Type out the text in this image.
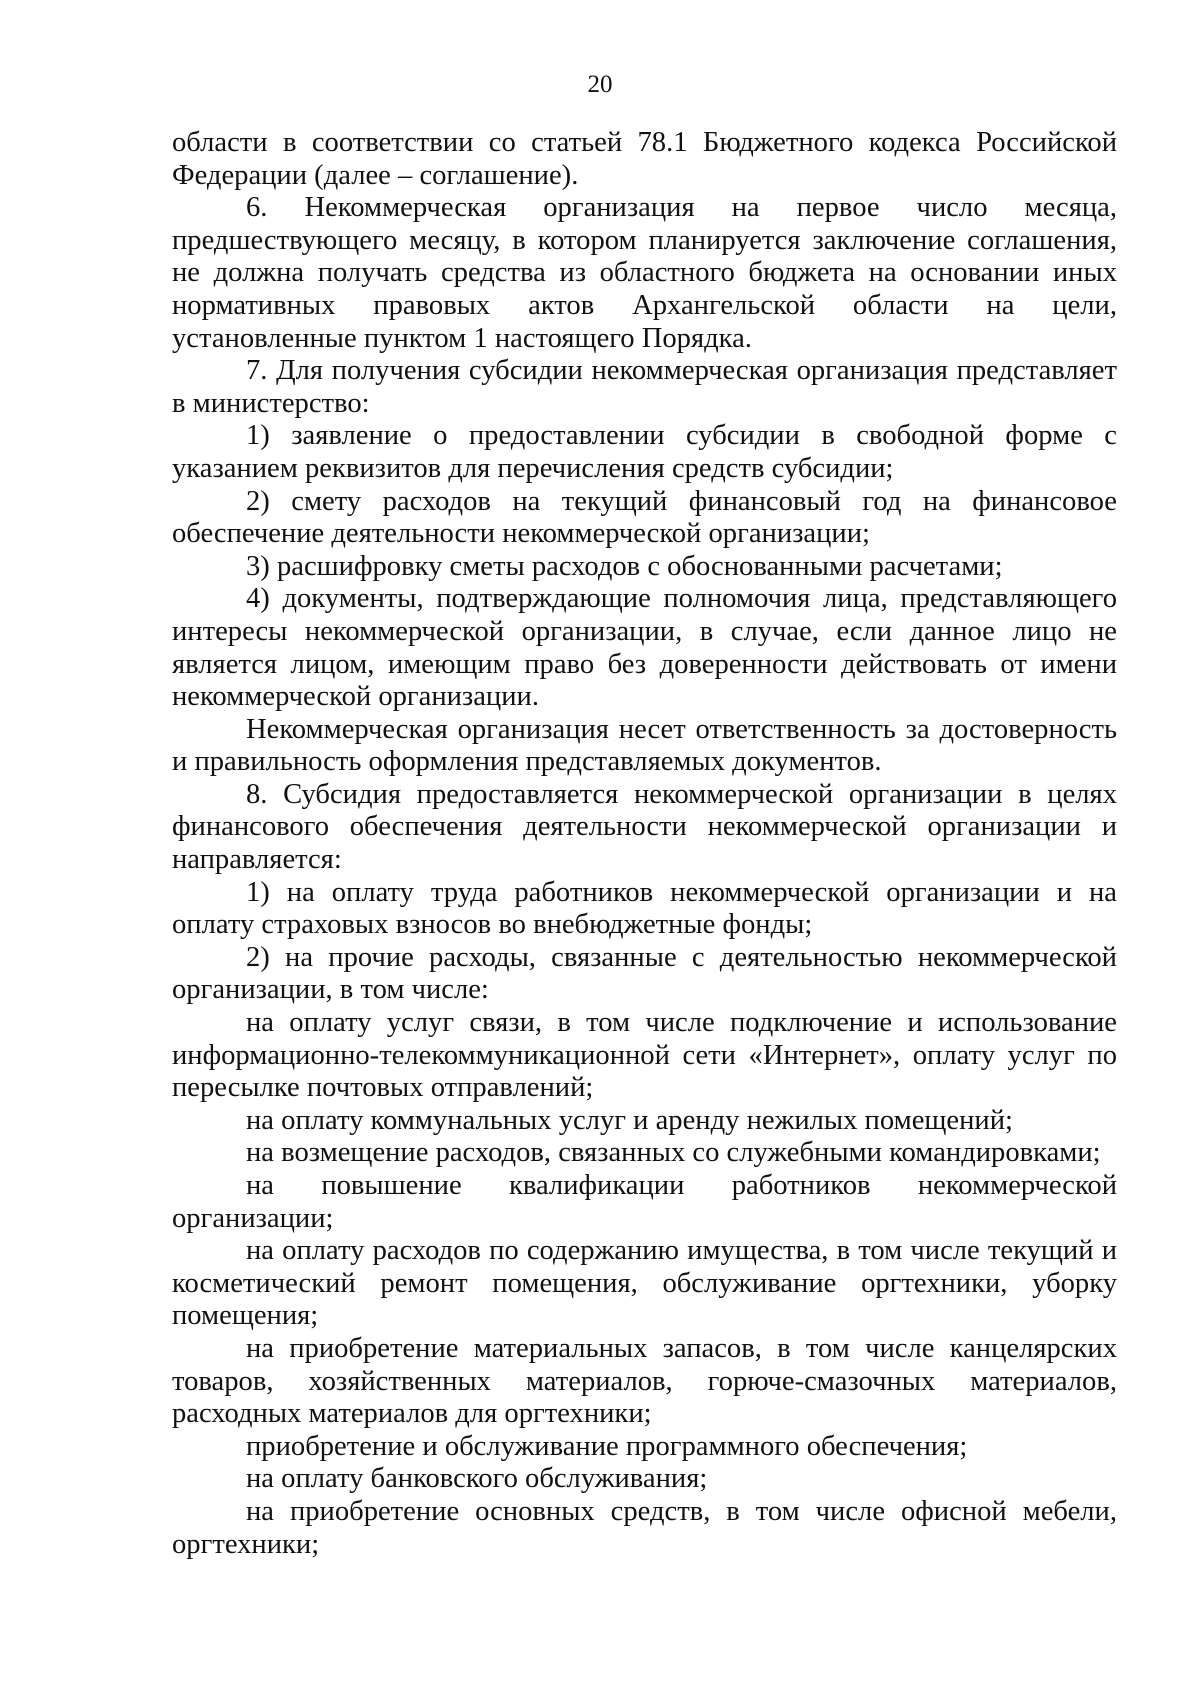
20

области в соответствии со статьей 78.1 Бюджетного кодекса Российской Федерации (далее – соглашение).

6. Некоммерческая организация на первое число месяца, предшествующего месяцу, в котором планируется заключение соглашения, не должна получать средства из областного бюджета на основании иных нормативных правовых актов Архангельской области на цели, установленные пунктом 1 настоящего Порядка.

7. Для получения субсидии некоммерческая организация представляет в министерство:

1) заявление о предоставлении субсидии в свободной форме с указанием реквизитов для перечисления средств субсидии;

2) смету расходов на текущий финансовый год на финансовое обеспечение деятельности некоммерческой организации;

3) расшифровку сметы расходов с обоснованными расчетами;

4) документы, подтверждающие полномочия лица, представляющего интересы некоммерческой организации, в случае, если данное лицо не является лицом, имеющим право без доверенности действовать от имени некоммерческой организации.

Некоммерческая организация несет ответственность за достоверность и правильность оформления представляемых документов.

8. Субсидия предоставляется некоммерческой организации в целях финансового обеспечения деятельности некоммерческой организации и направляется:

1) на оплату труда работников некоммерческой организации и на оплату страховых взносов во внебюджетные фонды;

2) на прочие расходы, связанные с деятельностью некоммерческой организации, в том числе:

на оплату услуг связи, в том числе подключение и использование информационно-телекоммуникационной сети «Интернет», оплату услуг по пересылке почтовых отправлений;

на оплату коммунальных услуг и аренду нежилых помещений;

на возмещение расходов, связанных со служебными командировками;

на повышение квалификации работников некоммерческой организации;

на оплату расходов по содержанию имущества, в том числе текущий и косметический ремонт помещения, обслуживание оргтехники, уборку помещения;

на приобретение материальных запасов, в том числе канцелярских товаров, хозяйственных материалов, горюче-смазочных материалов, расходных материалов для оргтехники;

приобретение и обслуживание программного обеспечения;

на оплату банковского обслуживания;

на приобретение основных средств, в том числе офисной мебели, оргтехники;
